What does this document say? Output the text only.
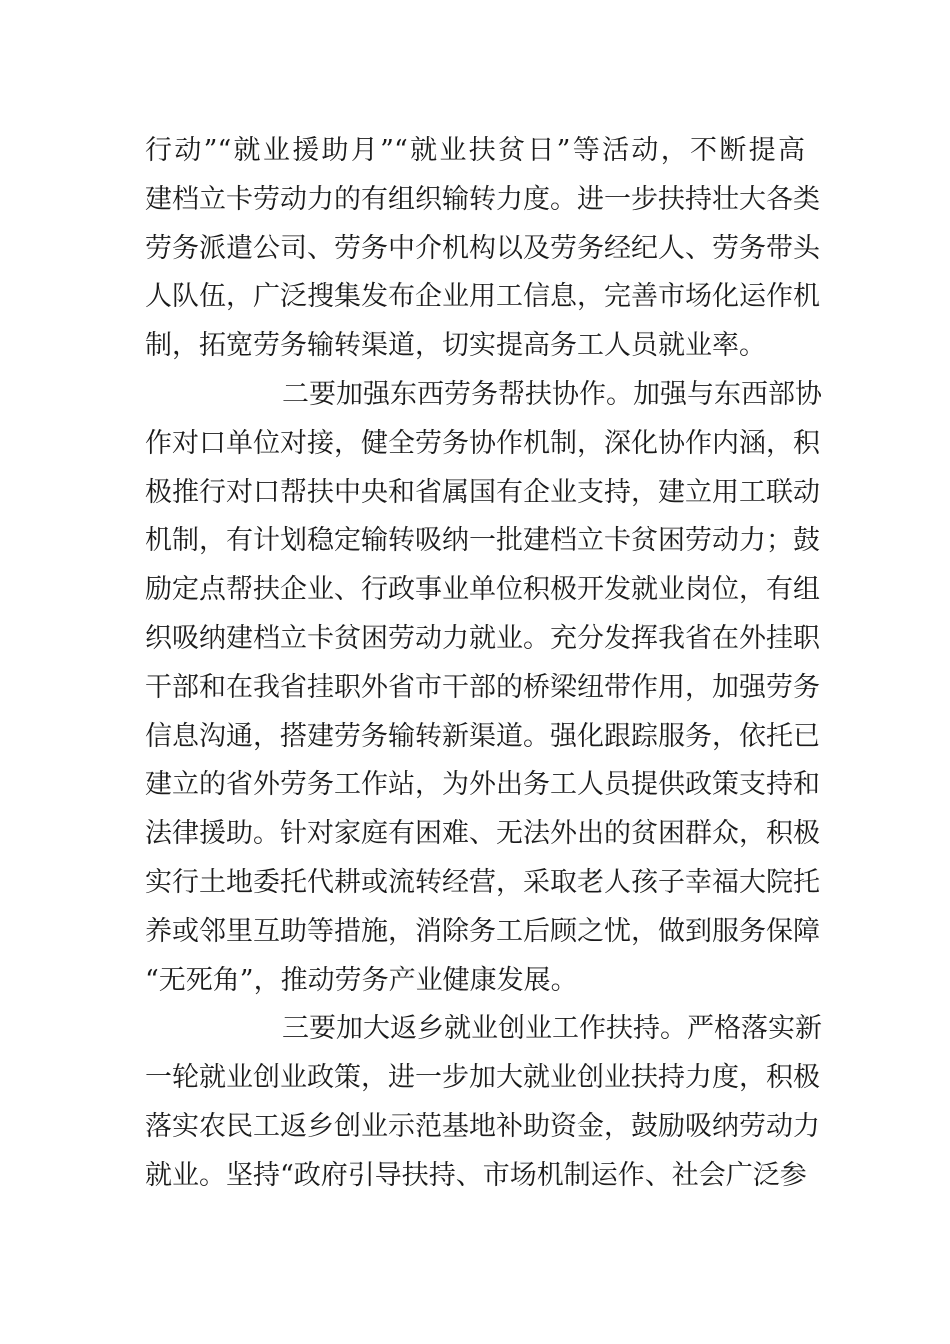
行动”“就业援助月”“就业扶贫日”等活动，不断提高
建档立卡劳动力的有组织输转力度。进一步扶持壮大各类
劳务派遣公司、劳务中介机构以及劳务经纪人、劳务带头
人队伍，广泛搜集发布企业用工信息，完善市场化运作机
制，拓宽劳务输转渠道，切实提高务工人员就业率。
二要加强东西劳务帮扶协作。加强与东西部协
作对口单位对接，健全劳务协作机制，深化协作内涵，积
极推行对口帮扶中央和省属国有企业支持，建立用工联动
机制，有计划稳定输转吸纳一批建档立卡贫困劳动力；鼓
励定点帮扶企业、行政事业单位积极开发就业岗位，有组
织吸纳建档立卡贫困劳动力就业。充分发挥我省在外挂职
干部和在我省挂职外省市干部的桥梁纽带作用，加强劳务
信息沟通，搭建劳务输转新渠道。强化跟踪服务，依托已
建立的省外劳务工作站，为外出务工人员提供政策支持和
法律援助。针对家庭有困难、无法外出的贫困群众，积极
实行土地委托代耕或流转经营，采取老人孩子幸福大院托
养或邻里互助等措施，消除务工后顾之忧，做到服务保障
“无死角”，推动劳务产业健康发展。
三要加大返乡就业创业工作扶持。严格落实新
一轮就业创业政策，进一步加大就业创业扶持力度，积极
落实农民工返乡创业示范基地补助资金，鼓励吸纳劳动力
就业。坚持“政府引导扶持、市场机制运作、社会广泛参
